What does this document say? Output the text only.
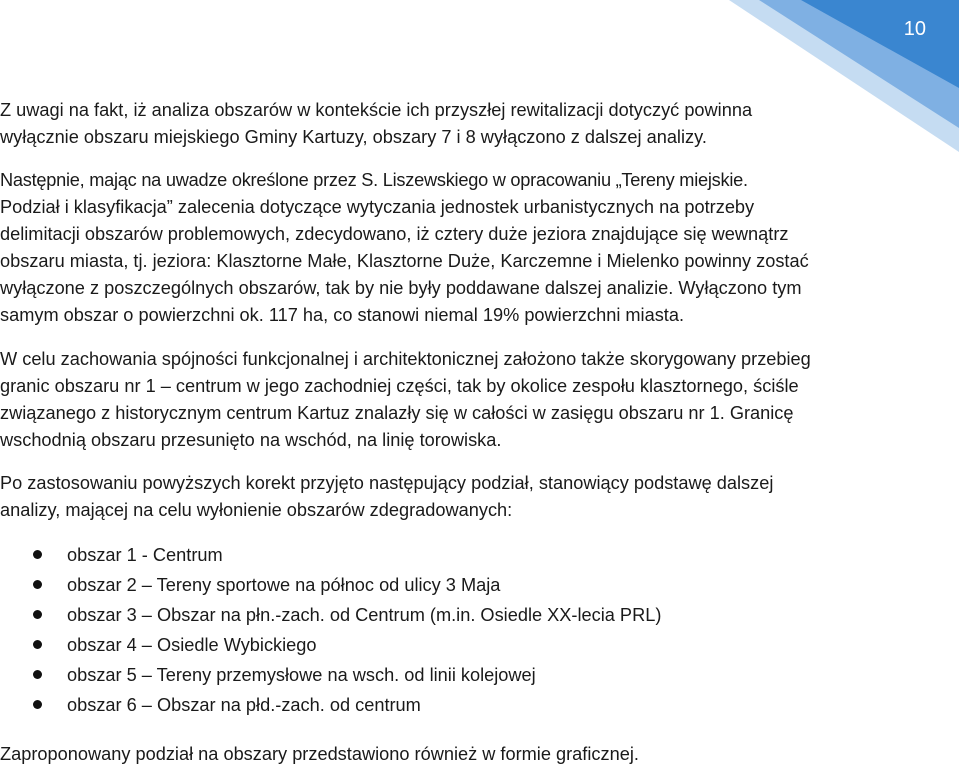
10

Z uwagi na fakt, iż analiza obszarów w kontekście ich przyszłej rewitalizacji dotyczyć powinna
wyłącznie obszaru miejskiego Gminy Kartuzy, obszary 7 i 8 wyłączono z dalszej analizy.

Następnie, mając na uwadze określone przez S. Liszewskiego w opracowaniu „Tereny miejskie.
Podział i klasyfikacja” zalecenia dotyczące wytyczania jednostek urbanistycznych na potrzeby
delimitacji obszarów problemowych, zdecydowano, iż cztery duże jeziora znajdujące się wewnątrz
obszaru miasta, tj. jeziora: Klasztorne Małe, Klasztorne Duże, Karczemne i Mielenko powinny zostać
wyłączone z poszczególnych obszarów, tak by nie były poddawane dalszej analizie. Wyłączono tym
samym obszar o powierzchni ok. 117 ha, co stanowi niemal 19% powierzchni miasta.

W celu zachowania spójności funkcjonalnej i architektonicznej założono także skorygowany przebieg
granic obszaru nr 1 – centrum w jego zachodniej części, tak by okolice zespołu klasztornego, ściśle
związanego z historycznym centrum Kartuz znalazły się w całości w zasięgu obszaru nr 1. Granicę
wschodnią obszaru przesunięto na wschód, na linię torowiska.

Po zastosowaniu powyższych korekt przyjęto następujący podział, stanowiący podstawę dalszej
analizy, mającej na celu wyłonienie obszarów zdegradowanych:

obszar 1 - Centrum
obszar 2 – Tereny sportowe na północ od ulicy 3 Maja
obszar 3 – Obszar na płn.-zach. od Centrum (m.in. Osiedle XX-lecia PRL)
obszar 4 – Osiedle Wybickiego
obszar 5 – Tereny przemysłowe na wsch. od linii kolejowej
obszar 6 – Obszar na płd.-zach. od centrum

Zaproponowany podział na obszary przedstawiono również w formie graficznej.
